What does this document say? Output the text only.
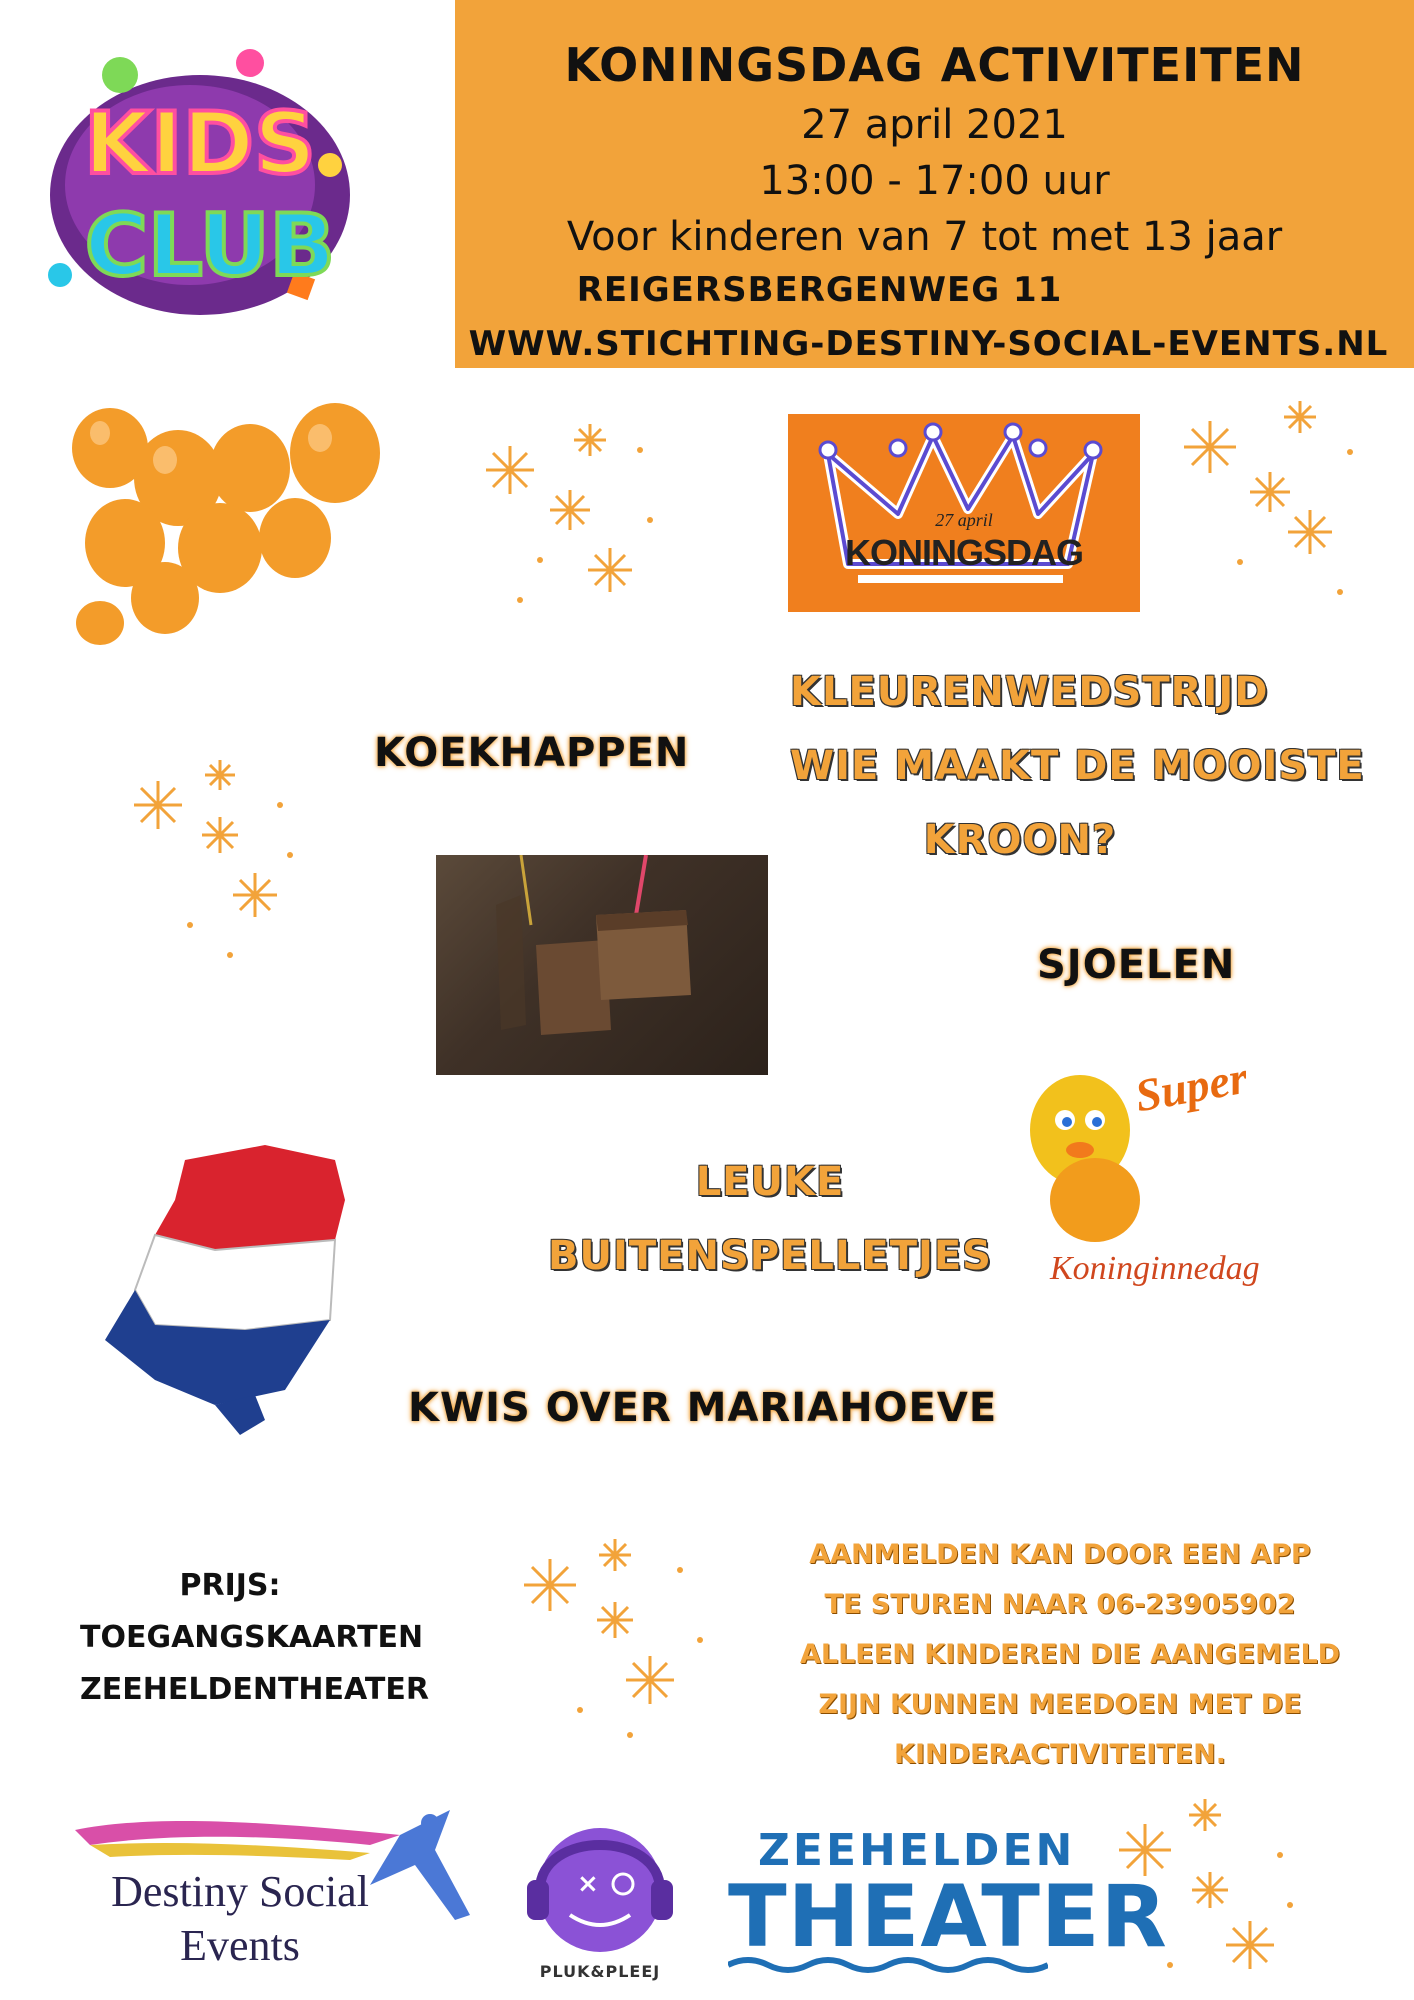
KIDS
CLUB
KONINGSDAG ACTIVITEITEN
27 april 2021
13:00 - 17:00 uur
Voor kinderen van 7 tot met 13 jaar
REIGERSBERGENWEG 11
WWW.STICHTING-DESTINY-SOCIAL-EVENTS.NL
27 april
KONINGSDAG
KOEKHAPPEN
KLEURENWEDSTRIJD
WIE MAAKT DE MOOISTE
KROON?
SJOELEN
Super
Koninginnedag
LEUKE
BUITENSPELLETJES
KWIS OVER MARIAHOEVE
PRIJS:
TOEGANGSKAARTEN
ZEEHELDENTHEATER
AANMELDEN KAN DOOR EEN APP
TE STUREN NAAR 06-23905902
ALLEEN KINDEREN DIE AANGEMELD
ZIJN KUNNEN MEEDOEN MET DE
KINDERACTIVITEITEN.
Destiny Social
Events
×
PLUK&PLEEJ
ZEEHELDEN
THEATER
